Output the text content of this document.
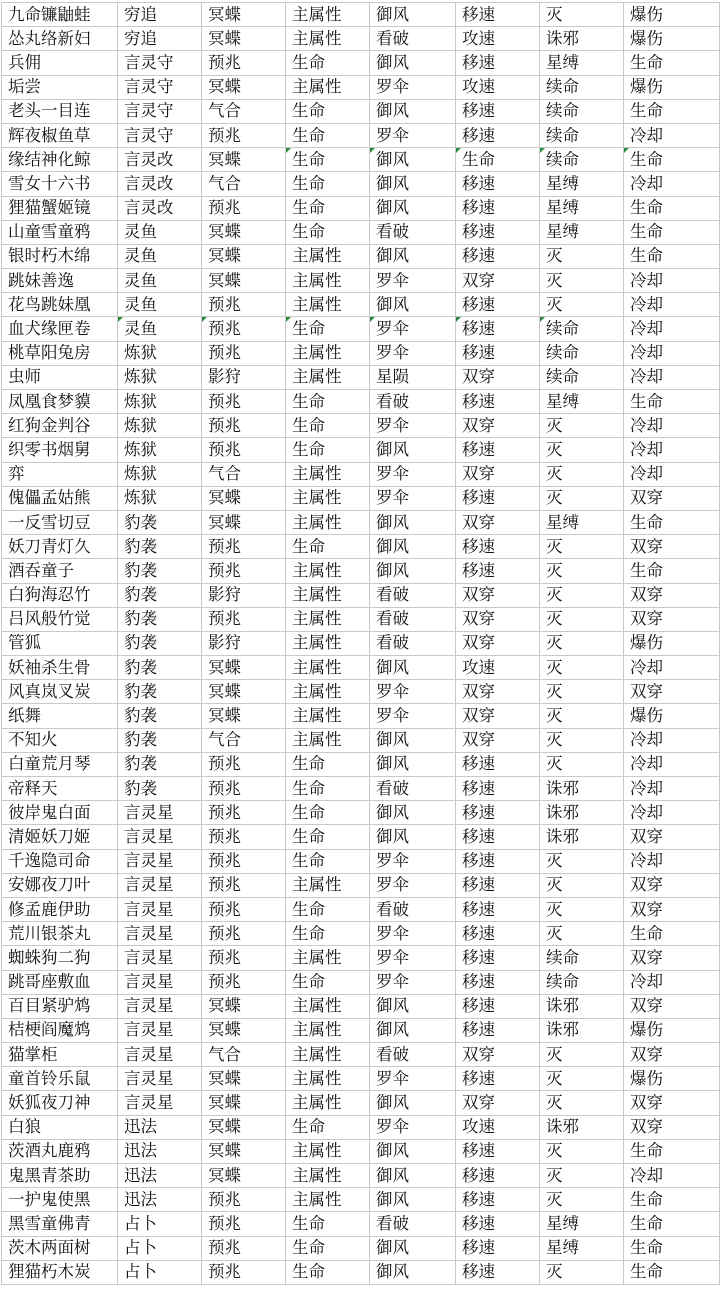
九命镰鼬蛙	穷追	冥蝶	主属性	御风	移速	灭	爆伤
怂丸络新妇	穷追	冥蝶	主属性	看破	攻速	诛邪	爆伤
兵佣	言灵守	预兆	生命	御风	移速	星缚	生命
垢尝	言灵守	冥蝶	主属性	罗伞	攻速	续命	爆伤
老头一目连	言灵守	气合	生命	御风	移速	续命	生命
辉夜椒鱼草	言灵守	预兆	生命	罗伞	移速	续命	冷却
缘结神化鲸	言灵改	冥蝶	生命	御风	生命	续命	生命
雪女十六书	言灵改	气合	生命	御风	移速	星缚	冷却
狸猫蟹姬镜	言灵改	预兆	生命	御风	移速	星缚	生命
山童雪童鸦	灵鱼	冥蝶	生命	看破	移速	星缚	生命
银时朽木绵	灵鱼	冥蝶	主属性	御风	移速	灭	生命
跳妹善逸	灵鱼	冥蝶	主属性	罗伞	双穿	灭	冷却
花鸟跳妹凰	灵鱼	预兆	主属性	御风	移速	灭	冷却
血犬缘匣卷	灵鱼	预兆	生命	罗伞	移速	续命	冷却
桃草阳兔房	炼狱	预兆	主属性	罗伞	移速	续命	冷却
虫师	炼狱	影狩	主属性	星陨	双穿	续命	冷却
凤凰食梦貘	炼狱	预兆	生命	看破	移速	星缚	生命
红狗金判谷	炼狱	预兆	生命	罗伞	双穿	灭	冷却
织零书烟舅	炼狱	预兆	生命	御风	移速	灭	冷却
弈	炼狱	气合	主属性	罗伞	双穿	灭	冷却
傀儡孟姑熊	炼狱	冥蝶	主属性	罗伞	移速	灭	双穿
一反雪切豆	豹袭	冥蝶	主属性	御风	双穿	星缚	生命
妖刀青灯久	豹袭	预兆	生命	御风	移速	灭	双穿
酒吞童子	豹袭	预兆	主属性	御风	移速	灭	生命
白狗海忍竹	豹袭	影狩	主属性	看破	双穿	灭	双穿
吕风般竹觉	豹袭	预兆	主属性	看破	双穿	灭	双穿
管狐	豹袭	影狩	主属性	看破	双穿	灭	爆伤
妖袖杀生骨	豹袭	冥蝶	主属性	御风	攻速	灭	冷却
风真岚叉炭	豹袭	冥蝶	主属性	罗伞	双穿	灭	双穿
纸舞	豹袭	冥蝶	主属性	罗伞	双穿	灭	爆伤
不知火	豹袭	气合	主属性	御风	双穿	灭	冷却
白童荒月琴	豹袭	预兆	生命	御风	移速	灭	冷却
帝释天	豹袭	预兆	生命	看破	移速	诛邪	冷却
彼岸鬼白面	言灵星	预兆	生命	御风	移速	诛邪	冷却
清姬妖刀姬	言灵星	预兆	生命	御风	移速	诛邪	双穿
千逸隐司命	言灵星	预兆	生命	罗伞	移速	灭	冷却
安娜夜刀叶	言灵星	预兆	主属性	罗伞	移速	灭	双穿
修孟鹿伊助	言灵星	预兆	生命	看破	移速	灭	双穿
荒川银茶丸	言灵星	预兆	生命	罗伞	移速	灭	生命
蜘蛛狗二狗	言灵星	预兆	主属性	罗伞	移速	续命	双穿
跳哥座敷血	言灵星	预兆	生命	罗伞	移速	续命	冷却
百目紧驴鸩	言灵星	冥蝶	主属性	御风	移速	诛邪	双穿
桔梗阎魔鸩	言灵星	冥蝶	主属性	御风	移速	诛邪	爆伤
猫掌柜	言灵星	气合	主属性	看破	双穿	灭	双穿
童首铃乐鼠	言灵星	冥蝶	主属性	罗伞	移速	灭	爆伤
妖狐夜刀神	言灵星	冥蝶	主属性	御风	双穿	灭	双穿
白狼	迅法	冥蝶	生命	罗伞	攻速	诛邪	双穿
茨酒丸鹿鸦	迅法	冥蝶	主属性	御风	移速	灭	生命
鬼黑青茶助	迅法	冥蝶	主属性	御风	移速	灭	冷却
一护鬼使黑	迅法	预兆	主属性	御风	移速	灭	生命
黑雪童佛青	占卜	预兆	生命	看破	移速	星缚	生命
茨木两面树	占卜	预兆	生命	御风	移速	星缚	生命
狸猫朽木炭	占卜	预兆	生命	御风	移速	灭	生命
